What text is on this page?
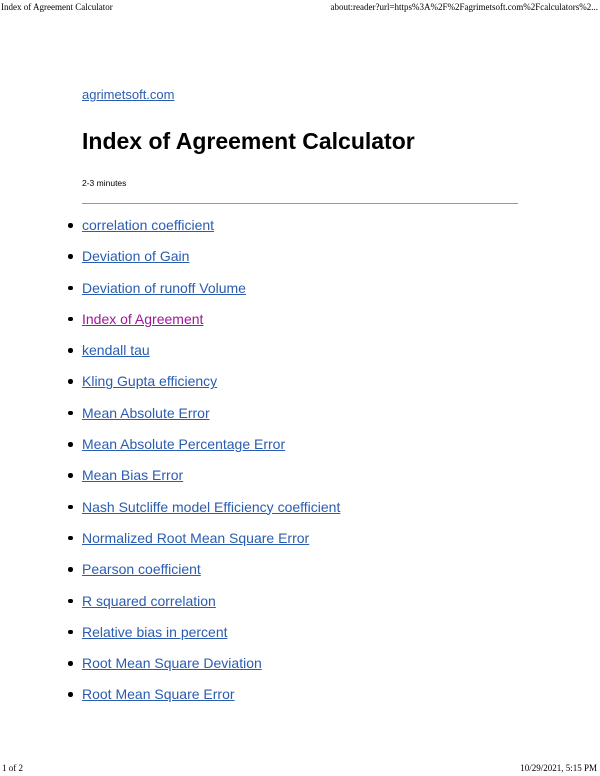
Index of Agreement Calculator	about:reader?url=https%3A%2F%2Fagrimetsoft.com%2Fcalculators%2...
agrimetsoft.com
Index of Agreement Calculator
2-3 minutes
correlation coefficient
Deviation of Gain
Deviation of runoff Volume
Index of Agreement
kendall tau
Kling Gupta efficiency
Mean Absolute Error
Mean Absolute Percentage Error
Mean Bias Error
Nash Sutcliffe model Efficiency coefficient
Normalized Root Mean Square Error
Pearson coefficient
R squared correlation
Relative bias in percent
Root Mean Square Deviation
Root Mean Square Error
1 of 2	10/29/2021, 5:15 PM
